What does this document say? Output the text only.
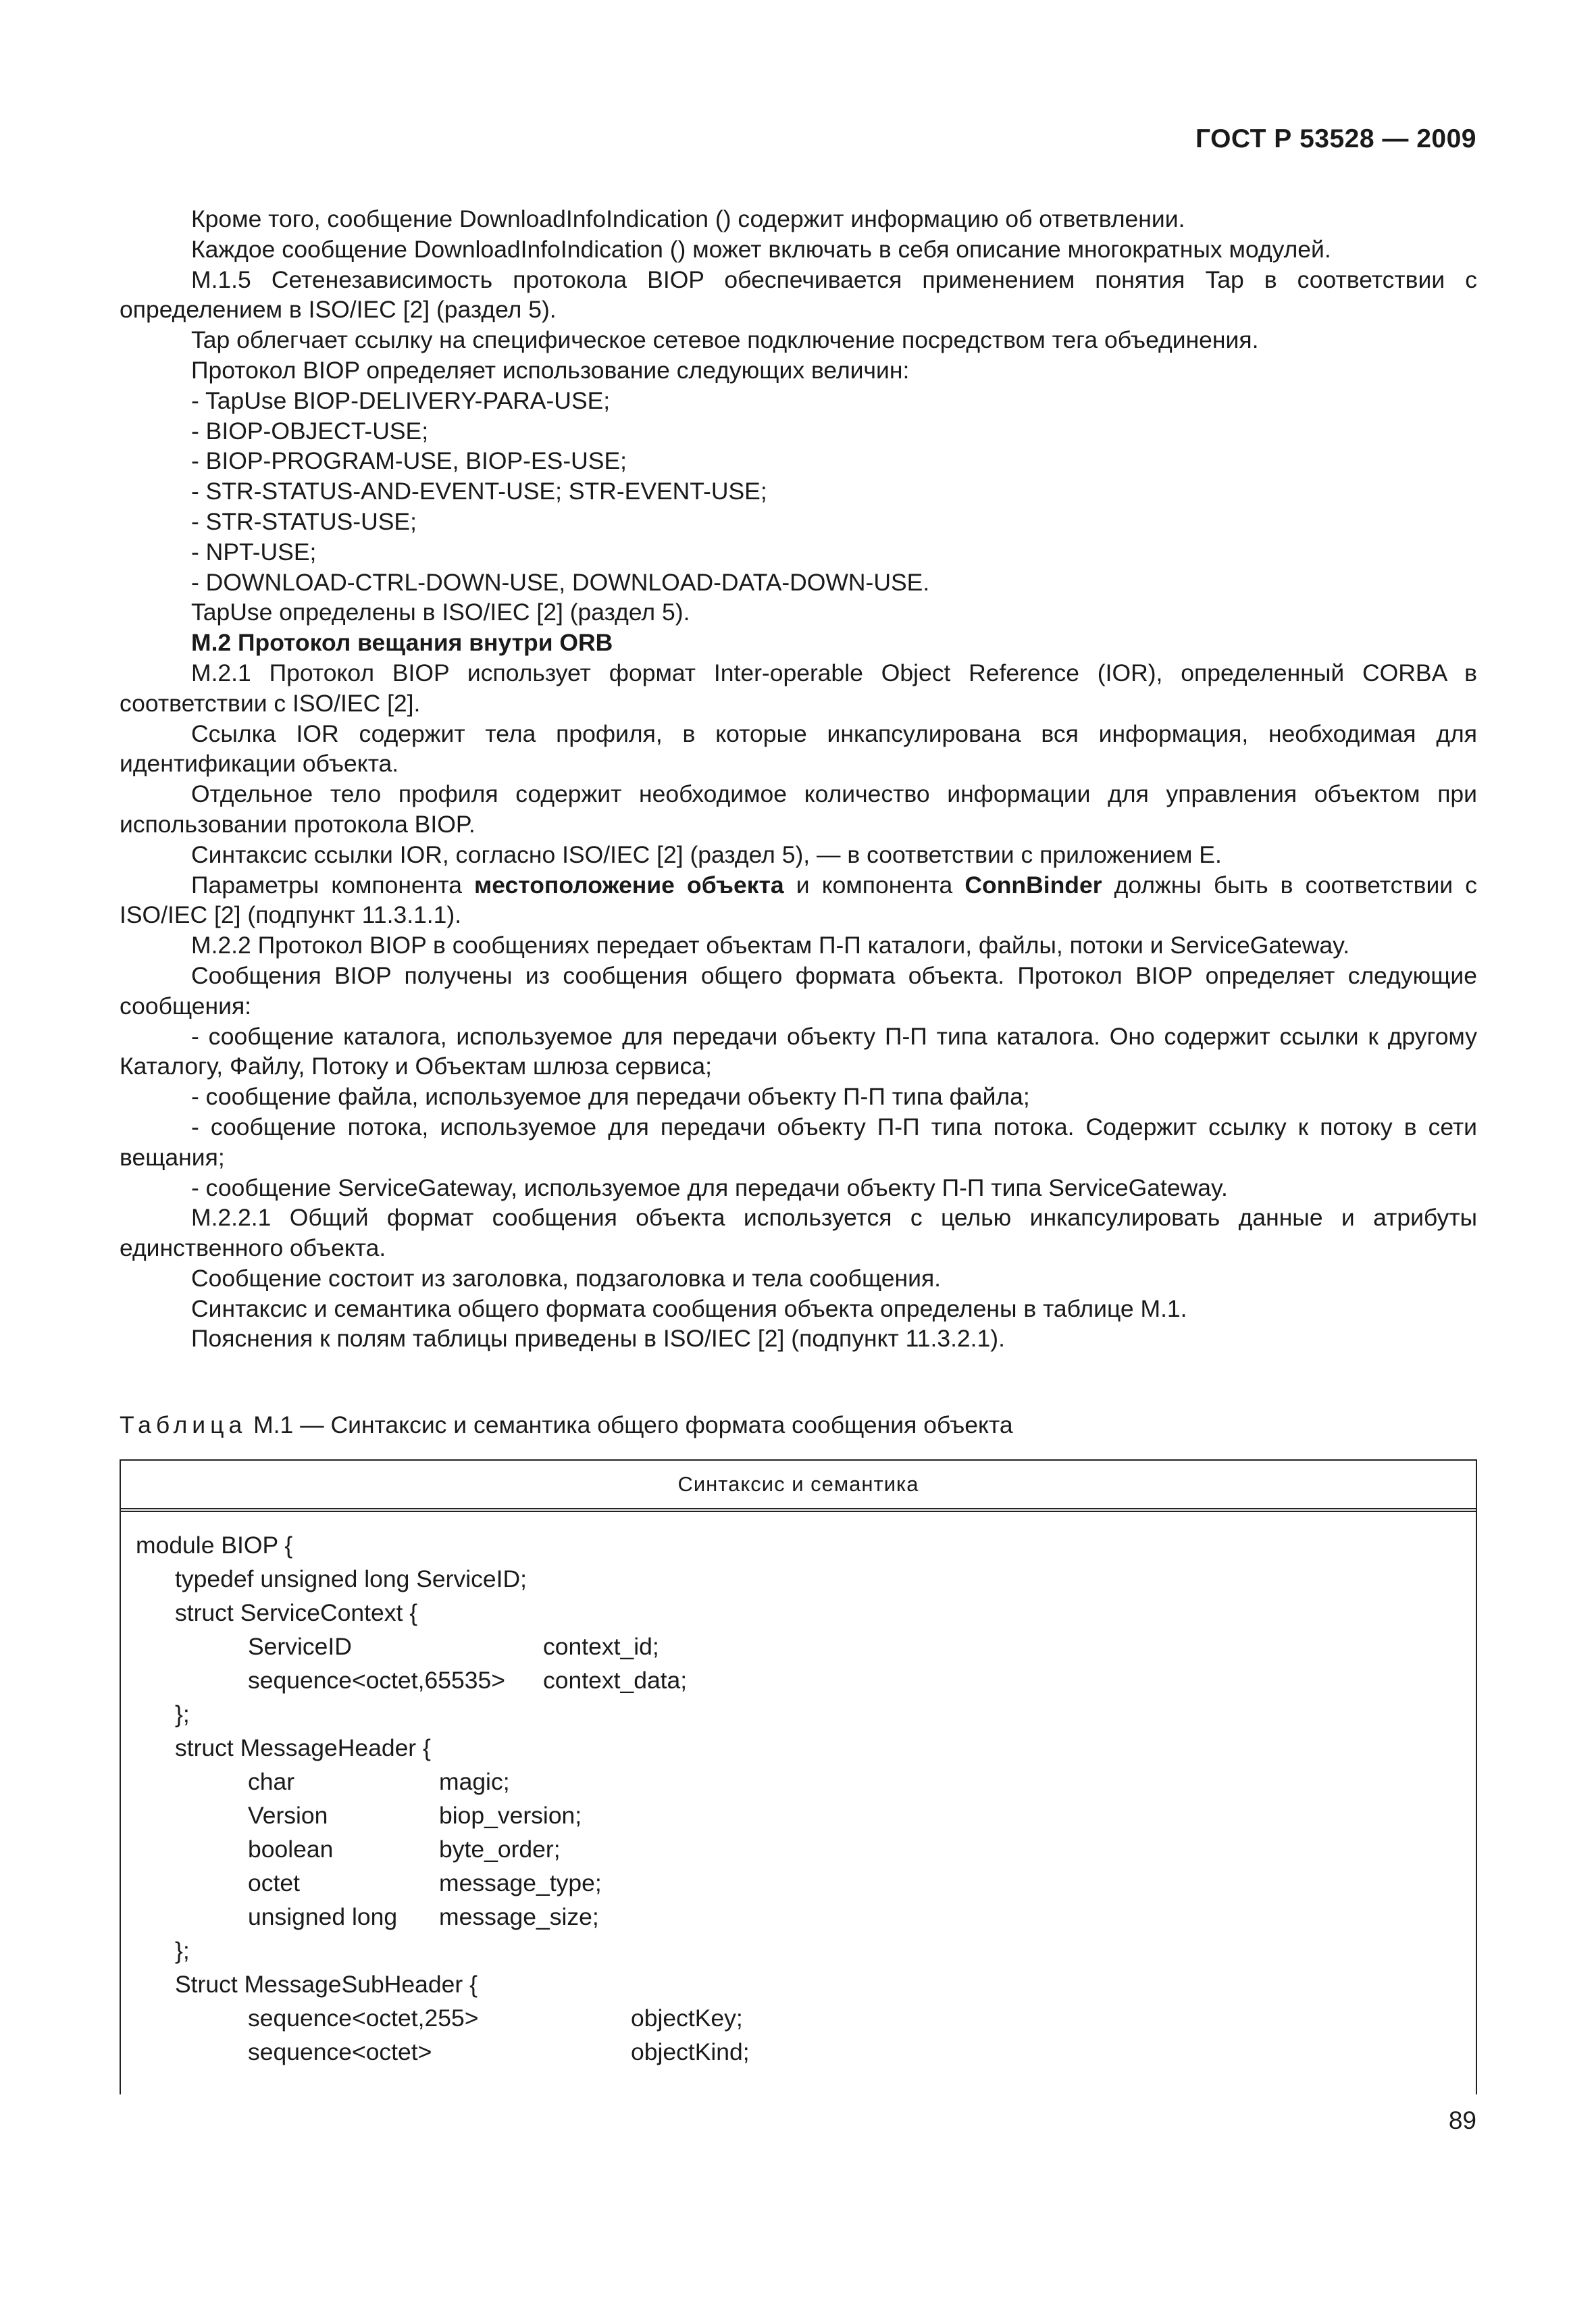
ГОСТ Р 53528 — 2009

Кроме того, сообщение DownloadInfoIndication () содержит информацию об ответвлении.

Каждое сообщение DownloadInfoIndication () может включать в себя описание многократных модулей.

M.1.5 Сетенезависимость протокола BIOP обеспечивается применением понятия Tap в соответствии с определением в ISO/IEC [2] (раздел 5).

Tap облегчает ссылку на специфическое сетевое подключение посредством тега объединения.

Протокол BIOP определяет использование следующих величин:

- TapUse BIOP-DELIVERY-PARA-USE;

- BIOP-OBJECT-USE;

- BIOP-PROGRAM-USE, BIOP-ES-USE;

- STR-STATUS-AND-EVENT-USE; STR-EVENT-USE;

- STR-STATUS-USE;

- NPT-USE;

- DOWNLOAD-CTRL-DOWN-USE, DOWNLOAD-DATA-DOWN-USE.

TapUse определены в ISO/IEC [2] (раздел 5).

М.2 Протокол вещания внутри ORB

М.2.1 Протокол BIOP использует формат Inter-operable Object Reference (IOR), определенный CORBA в соответствии с ISO/IEC [2].

Ссылка IOR содержит тела профиля, в которые инкапсулирована вся информация, необходимая для идентификации объекта.

Отдельное тело профиля содержит необходимое количество информации для управления объектом при использовании протокола BIOP.

Синтаксис ссылки IOR, согласно ISO/IEC [2] (раздел 5), — в соответствии с приложением Е.

Параметры компонента местоположение объекта и компонента ConnBinder должны быть в соответствии с ISO/IEC [2] (подпункт 11.3.1.1).

М.2.2 Протокол BIOP в сообщениях передает объектам П-П каталоги, файлы, потоки и ServiceGateway.

Сообщения BIOP получены из сообщения общего формата объекта. Протокол BIOP определяет следующие сообщения:

- сообщение каталога, используемое для передачи объекту П-П типа каталога. Оно содержит ссылки к другому Каталогу, Файлу, Потоку и Объектам шлюза сервиса;

- сообщение файла, используемое для передачи объекту П-П типа файла;

- сообщение потока, используемое для передачи объекту П-П типа потока. Содержит ссылку к потоку в сети вещания;

- сообщение ServiceGateway, используемое для передачи объекту П-П типа ServiceGateway.

М.2.2.1 Общий формат сообщения объекта используется с целью инкапсулировать данные и атрибуты единственного объекта.

Сообщение состоит из заголовка, подзаголовка и тела сообщения.

Синтаксис и семантика общего формата сообщения объекта определены в таблице М.1.

Пояснения к полям таблицы приведены в ISO/IEC [2] (подпункт 11.3.2.1).

Таблица М.1 — Синтаксис и семантика общего формата сообщения объекта
Синтаксис и семантика
module BIOP {
typedef unsigned long ServiceID;
struct ServiceContext {
ServiceID	context_id;
sequence<octet,65535>	context_data;
};
struct MessageHeader {
char	magic;
Version	biop_version;
boolean	byte_order;
octet	message_type;
unsigned long	message_size;
};
Struct MessageSubHeader {
sequence<octet,255>	objectKey;
sequence<octet>	objectKind;
89
